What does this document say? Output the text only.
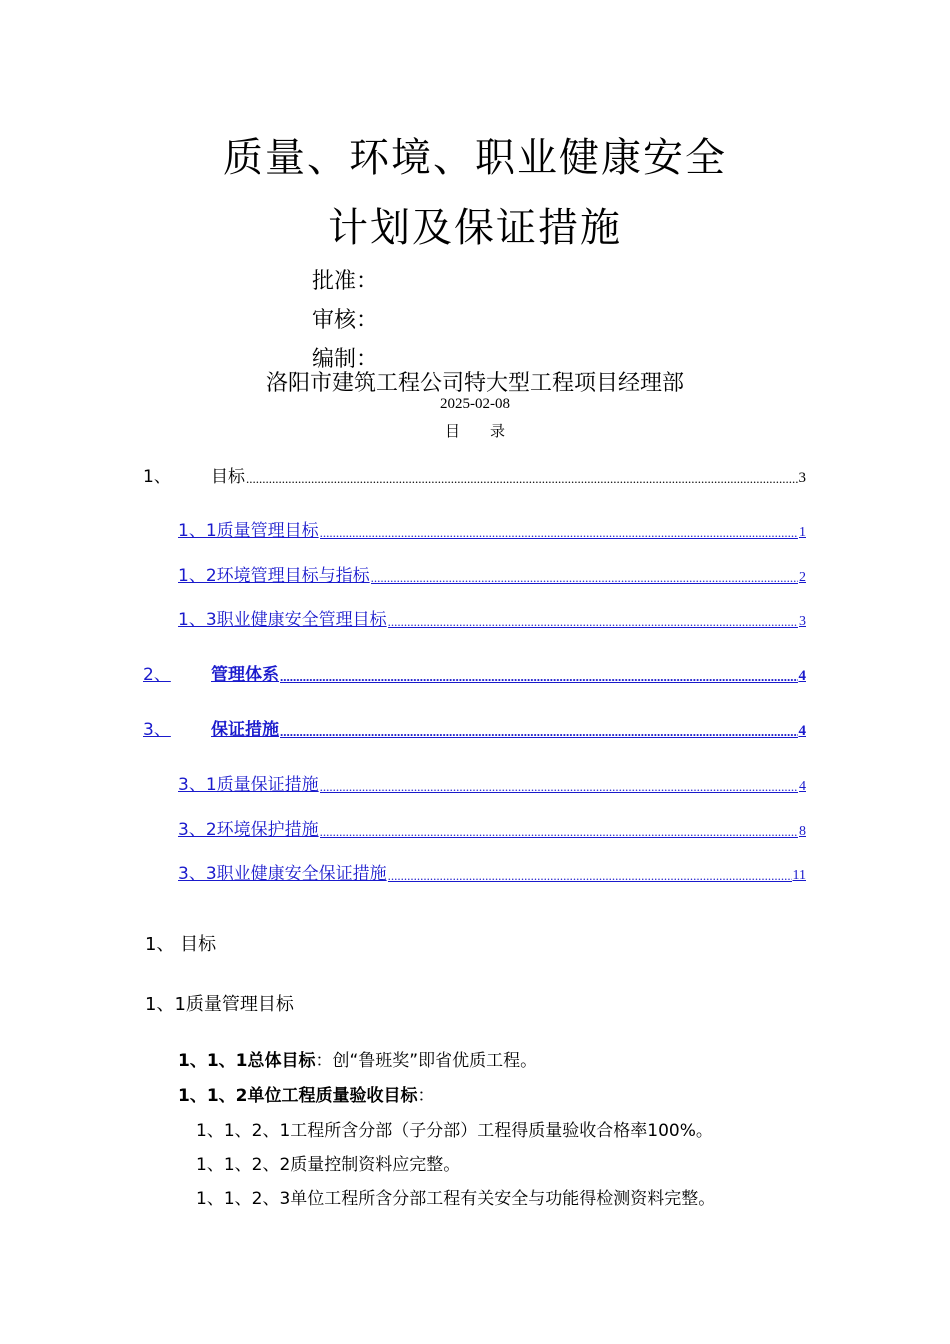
质量、环境、职业健康安全
计划及保证措施
批准：
审核：
编制：
洛阳市建筑工程公司特大型工程项目经理部
2025-02-08
目　　录
1、	目标 .....	3
1、1质量管理目标 .....	1
1、2环境管理目标与指标 .....	2
1、3职业健康安全管理目标 .....	3
2、	管理体系 .....	4
3、	保证措施 .....	4
3、1质量保证措施 .....	4
3、2环境保护措施 .....	8
3、3职业健康安全保证措施 .....	11
1、 目标
1、1质量管理目标
1、1、1总体目标：创“鲁班奖”即省优质工程。
1、1、2单位工程质量验收目标：
1、1、2、1工程所含分部（子分部）工程得质量验收合格率100%。
1、1、2、2质量控制资料应完整。
1、1、2、3单位工程所含分部工程有关安全与功能得检测资料完整。
